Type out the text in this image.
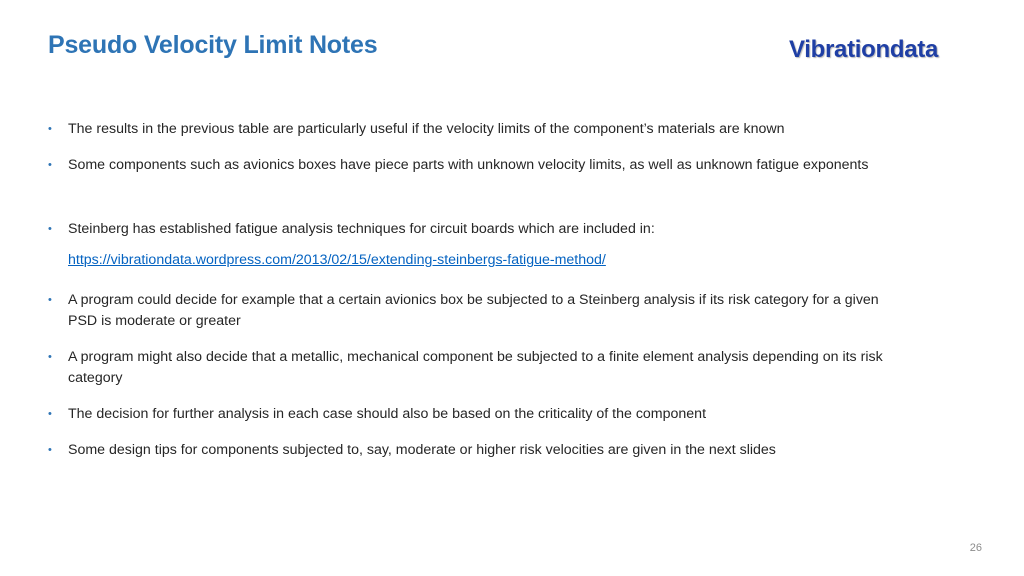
Pseudo Velocity Limit Notes	Vibrationdata
• The results in the previous table are particularly useful if the velocity limits of the component’s materials are known
• Some components such as avionics boxes have piece parts with unknown velocity limits, as well as unknown fatigue exponents
• Steinberg has established fatigue analysis techniques for circuit boards which are included in:
• A program could decide for example that a certain avionics box be subjected to a Steinberg analysis if its risk category for a given PSD is moderate or greater
• A program might also decide that a metallic, mechanical component be subjected to a finite element analysis depending on its risk category
• The decision for further analysis in each case should also be based on the criticality of the component
• Some design tips for components subjected to, say, moderate or higher risk velocities are given in the next slides
https://vibrationdata.wordpress.com/2013/02/15/extending-steinbergs-fatigue-method/
26
